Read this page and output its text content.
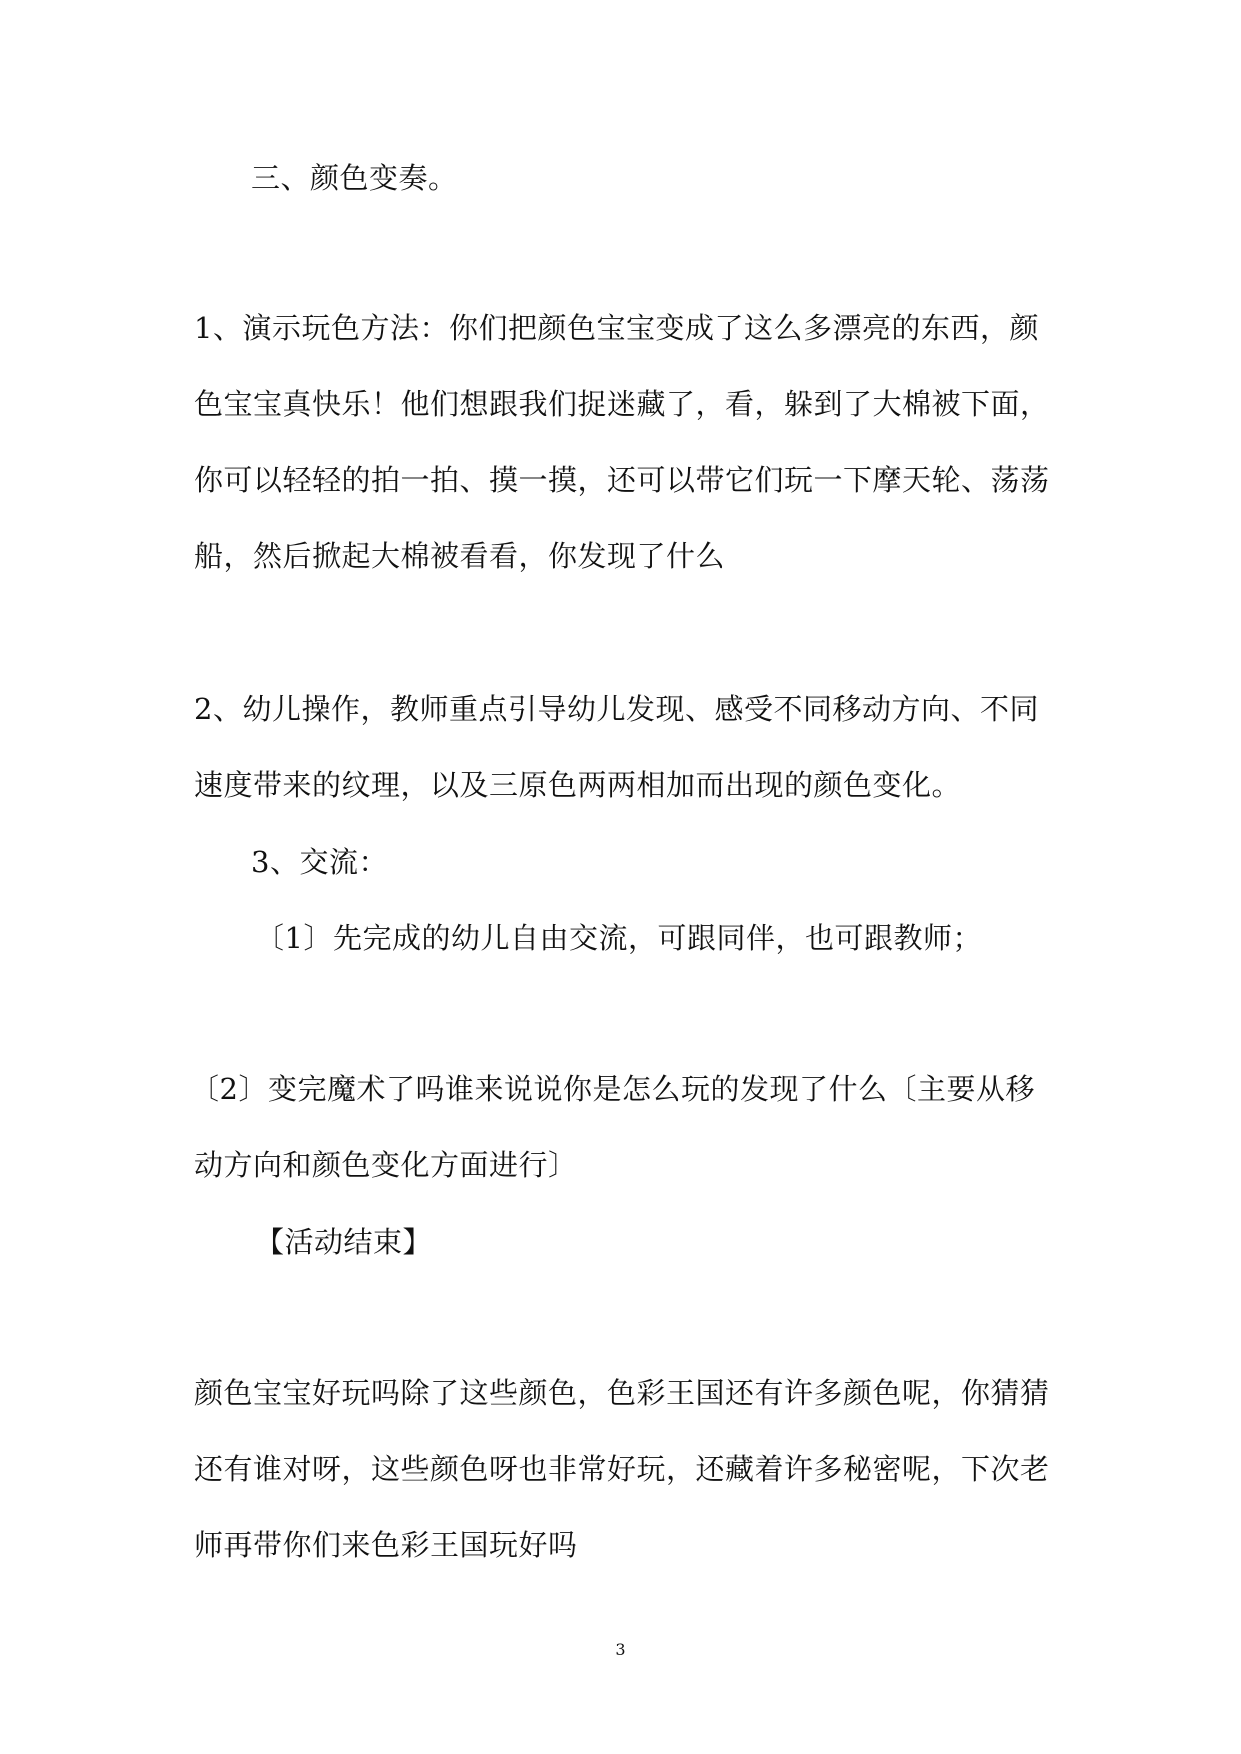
三、颜色变奏。

1、演示玩色方法：你们把颜色宝宝变成了这么多漂亮的东西，颜

色宝宝真快乐！他们想跟我们捉迷藏了，看，躲到了大棉被下面，

你可以轻轻的拍一拍、摸一摸，还可以带它们玩一下摩天轮、荡荡

船，然后掀起大棉被看看，你发现了什么

2、幼儿操作，教师重点引导幼儿发现、感受不同移动方向、不同

速度带来的纹理，以及三原色两两相加而出现的颜色变化。

3、交流：

〔1〕先完成的幼儿自由交流，可跟同伴，也可跟教师；

〔2〕变完魔术了吗谁来说说你是怎么玩的发现了什么〔主要从移

动方向和颜色变化方面进行〕

【活动结束】

颜色宝宝好玩吗除了这些颜色，色彩王国还有许多颜色呢，你猜猜

还有谁对呀，这些颜色呀也非常好玩，还藏着许多秘密呢，下次老

师再带你们来色彩王国玩好吗

3
